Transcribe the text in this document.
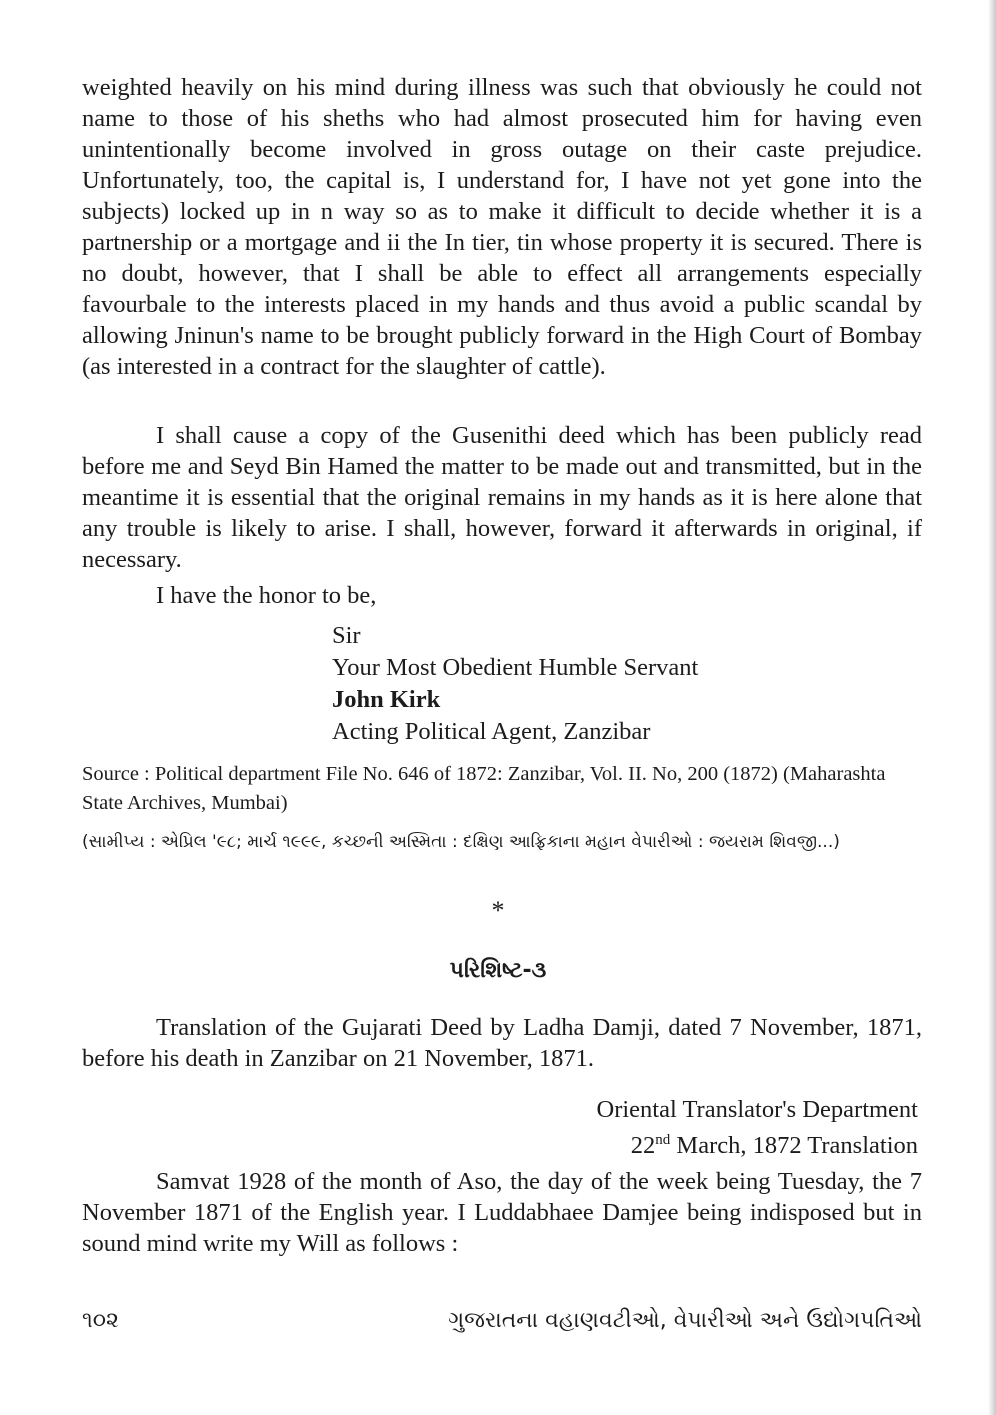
weighted heavily on his mind during illness was such that obviously he could not name to those of his sheths who had almost prosecuted him for having even unintentionally become involved in gross outage on their caste prejudice. Unfortunately, too, the capital is, I understand for, I have not yet gone into the subjects) locked up in n way so as to make it difficult to decide whether it is a partnership or a mortgage and ii the In tier, tin whose property it is secured. There is no doubt, however, that I shall be able to effect all arrangements especially favourbale to the interests placed in my hands and thus avoid a public scandal by allowing Jninun's name to be brought publicly forward in the High Court of Bombay (as interested in a contract for the slaughter of cattle).

I shall cause a copy of the Gusenithi deed which has been publicly read before me and Seyd Bin Hamed the matter to be made out and transmitted, but in the meantime it is essential that the original remains in my hands as it is here alone that any trouble is likely to arise. I shall, however, forward it afterwards in original, if necessary.

I have the honor to be,
Sir
Your Most Obedient Humble Servant
John Kirk
Acting Political Agent, Zanzibar
Source : Political department File No. 646 of 1872: Zanzibar, Vol. II. No, 200 (1872) (Maharashta State Archives, Mumbai)
(સામીપ્ય : એપ્રિલ '૯૮; માર્ચ ૧૯૯૯, કચ્છની અસ્મિતા : દક્ષિણ આફ્રિકાના મહાન વેપારીઓ : જયરામ શિવજી...)
*
પરિશિષ્ટ-૩

Translation of the Gujarati Deed by Ladha Damji, dated 7 November, 1871, before his death in Zanzibar on 21 November, 1871.

Oriental Translator's Department
22nd March, 1872 Translation

Samvat 1928 of the month of Aso, the day of the week being Tuesday, the 7 November 1871 of the English year. I Luddabhaee Damjee being indisposed but in sound mind write my Will as follows :

૧૦૨	ગુજરાતના વહાણવટીઓ, વેપારીઓ અને ઉદ્યોગપતિઓ
